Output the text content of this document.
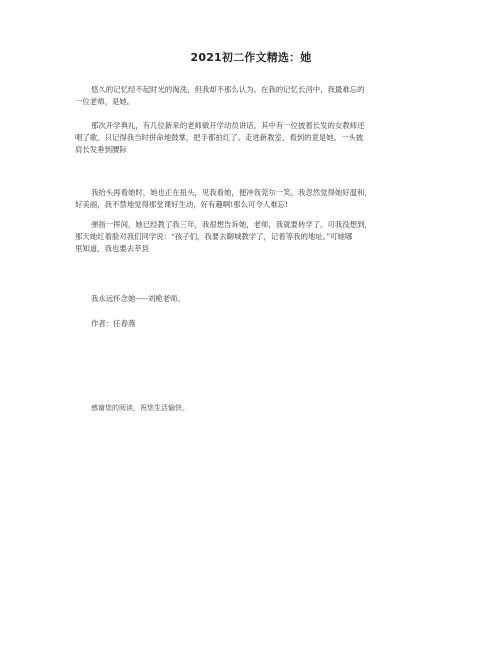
2021初二作文精选：她
悠久的记忆经不起时光的淘洗，但我却不那么认为。在我的记忆长河中，我最难忘的
一位老师，是她。
那次开学典礼，有几位新来的老师做开学动员讲话。其中有一位披着长发的女教师还
唱了歌。只记得我当时拼命地鼓掌，把手都拍红了。走进新教室，看到的竟是她。一头披
肩长发垂到腰际
我抬头再看她时，她也正在扭头，见我看她，便冲我莞尔一笑。我忽然觉得她好温和，
好美丽，我不禁地觉得那堂课好生动，好有趣啊!那么可令人难忘!
弹指一挥间，她已经教了我三年，我很想告诉她，老师，我就要转学了。可我没想到，
那天她红着脸对我们同学说：“孩子们，我要去聊城教学了，记着等我的地址。”可她哪
里知道，我也要去莘县
我永远怀念她-----刘桅老师。
作者：任春燕
感谢您的阅读，祝您生活愉快。
